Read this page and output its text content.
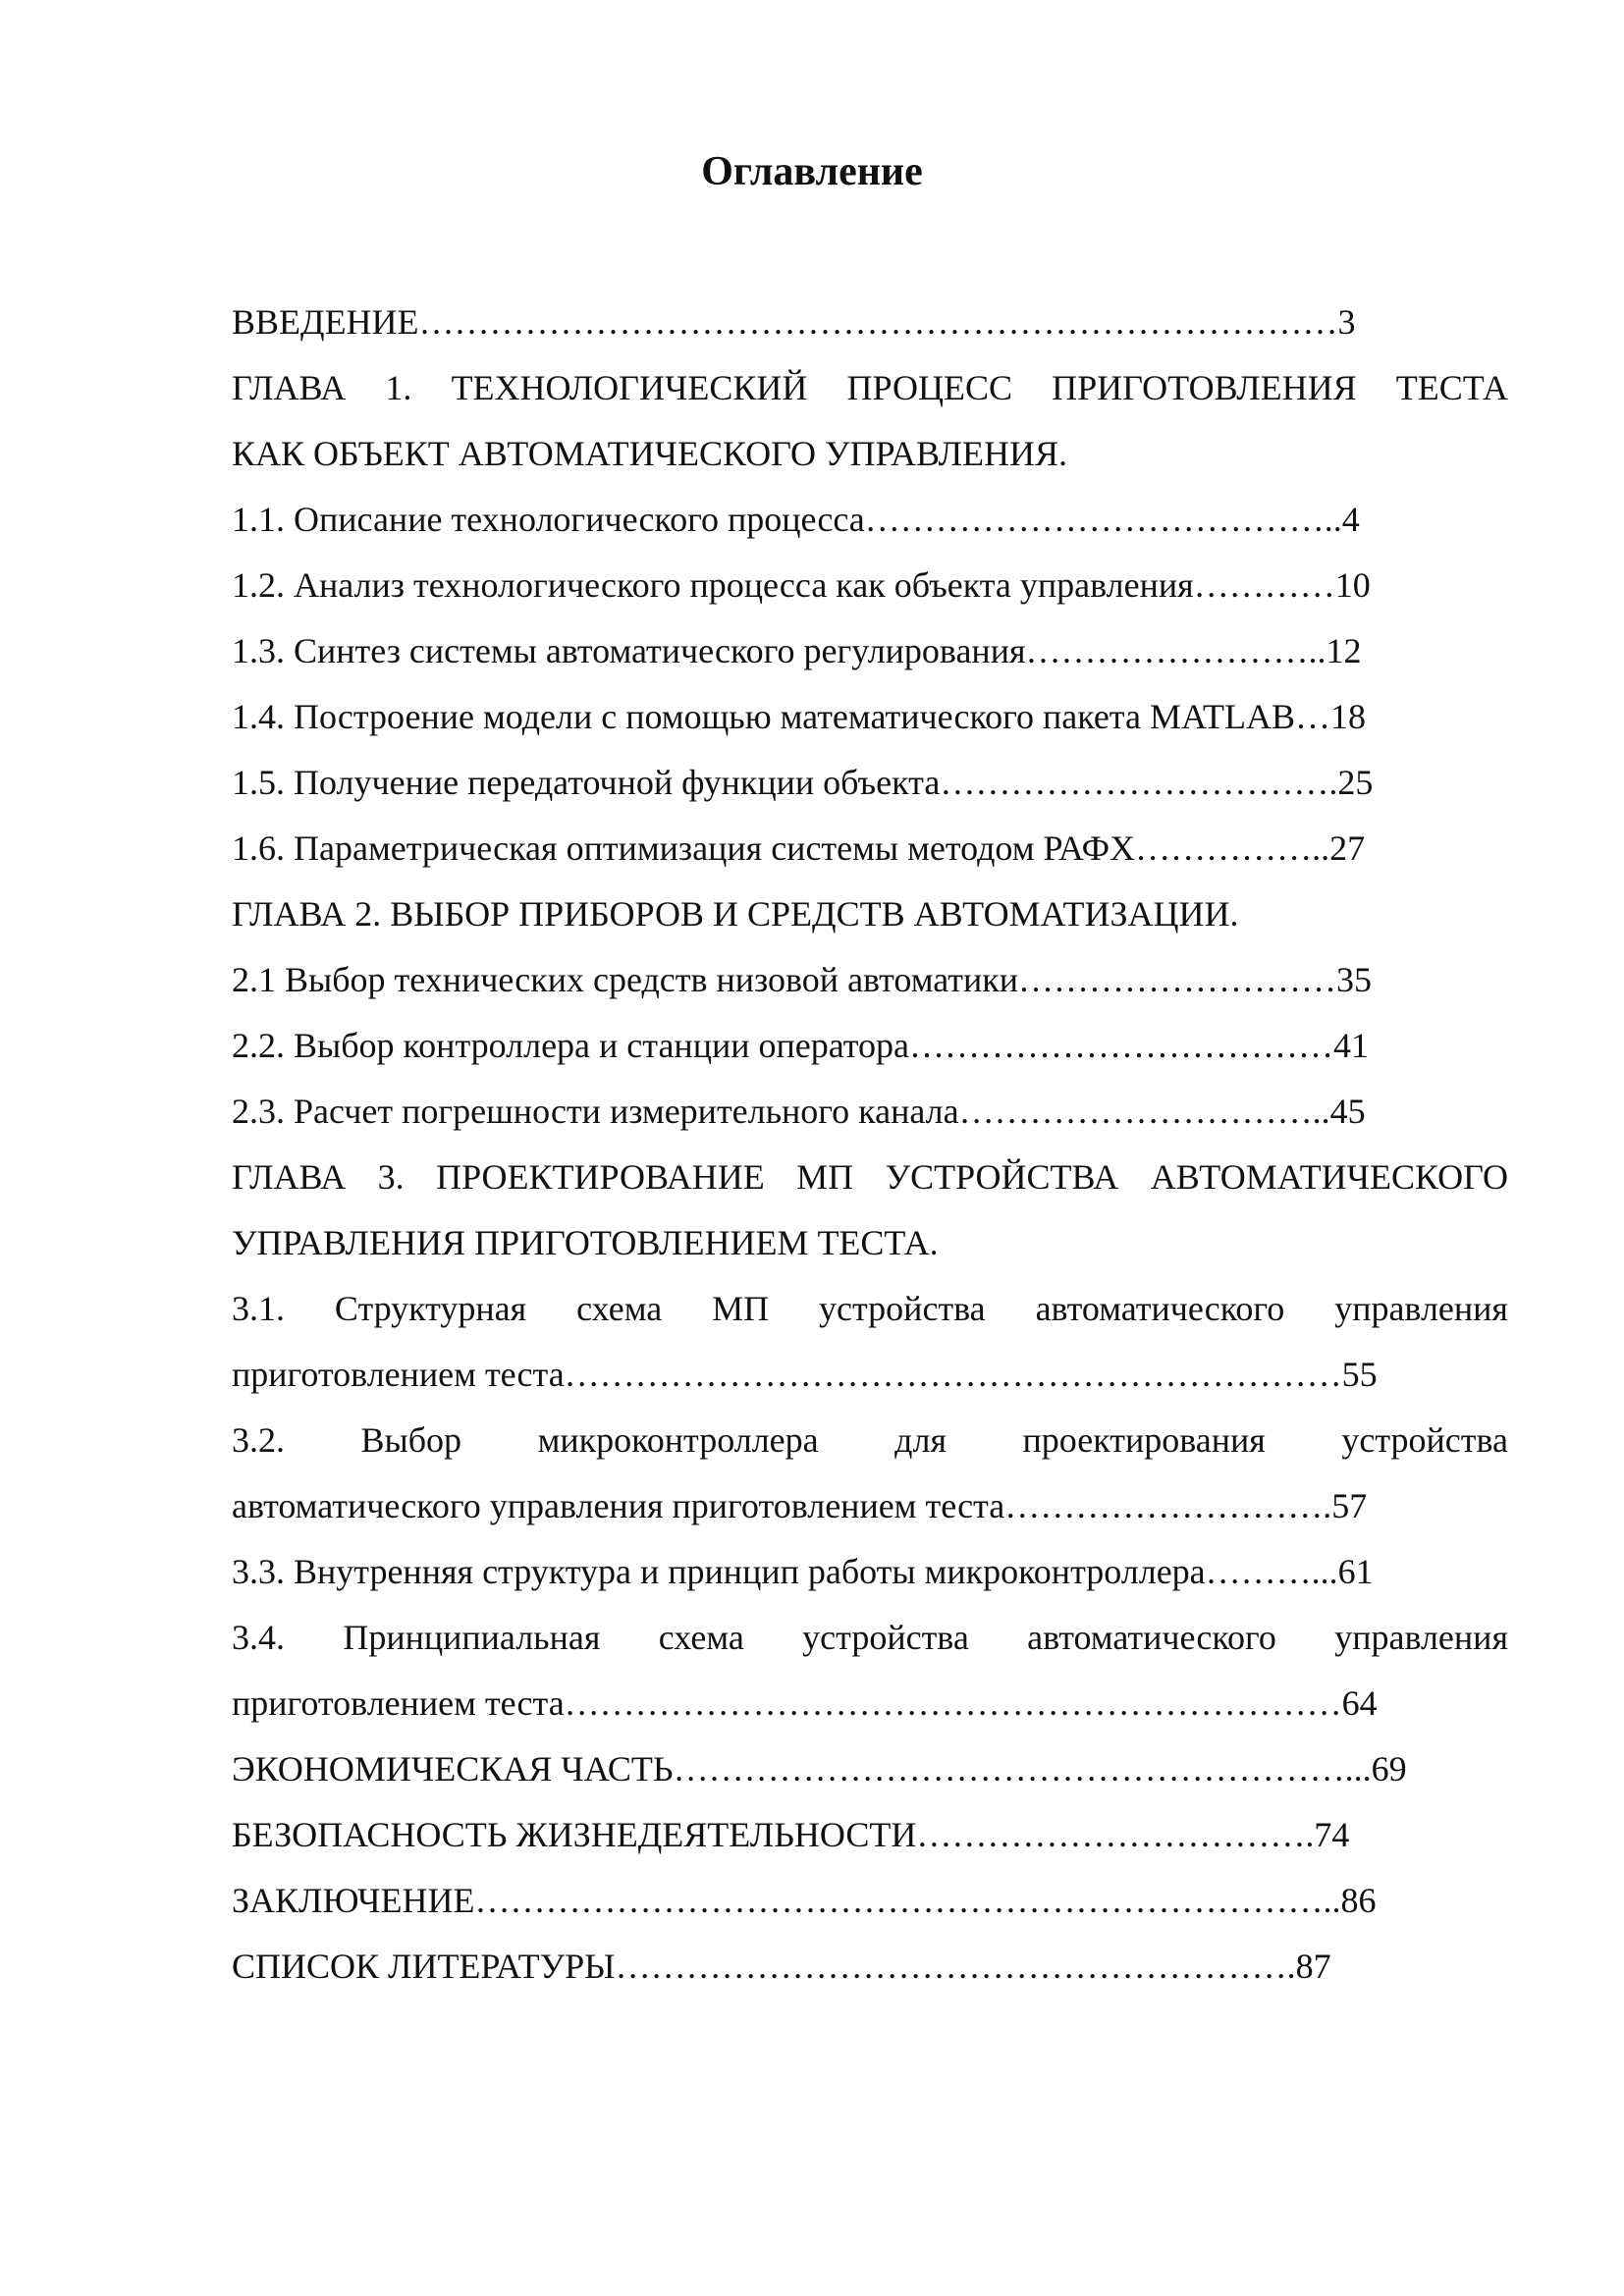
Оглавление
ВВЕДЕНИЕ……………………………………………………………………3
ГЛАВА 1. ТЕХНОЛОГИЧЕСКИЙ ПРОЦЕСС ПРИГОТОВЛЕНИЯ ТЕСТА
КАК ОБЪЕКТ АВТОМАТИЧЕСКОГО УПРАВЛЕНИЯ.
1.1. Описание технологического процесса…………………………………..4
1.2. Анализ технологического процесса как объекта управления…………10
1.3. Синтез системы автоматического регулирования……………………..12
1.4. Построение модели с помощью математического пакета MATLAB…18
1.5. Получение передаточной функции объекта…………………………….25
1.6. Параметрическая оптимизация системы методом РАФХ……………..27
ГЛАВА 2. ВЫБОР ПРИБОРОВ И СРЕДСТВ АВТОМАТИЗАЦИИ.
2.1 Выбор технических средств низовой автоматики………………………35
2.2. Выбор контроллера и станции оператора………………………………41
2.3. Расчет погрешности измерительного канала…………………………..45
ГЛАВА 3. ПРОЕКТИРОВАНИЕ МП УСТРОЙСТВА АВТОМАТИЧЕСКОГО
УПРАВЛЕНИЯ ПРИГОТОВЛЕНИЕМ ТЕСТА.
3.1. Структурная схема МП устройства автоматического управления
приготовлением теста…………………………………………………………55
3.2. Выбор микроконтроллера для проектирования устройства
автоматического управления приготовлением теста……………………….57
3.3. Внутренняя структура и принцип работы микроконтроллера………...61
3.4. Принципиальная схема устройства автоматического управления
приготовлением теста…………………………………………………………64
ЭКОНОМИЧЕСКАЯ ЧАСТЬ…………………………………………………...69
БЕЗОПАСНОСТЬ ЖИЗНЕДЕЯТЕЛЬНОСТИ…………………………….74
ЗАКЛЮЧЕНИЕ………………………………………………………………..86
СПИСОК ЛИТЕРАТУРЫ………………………………………………….87
